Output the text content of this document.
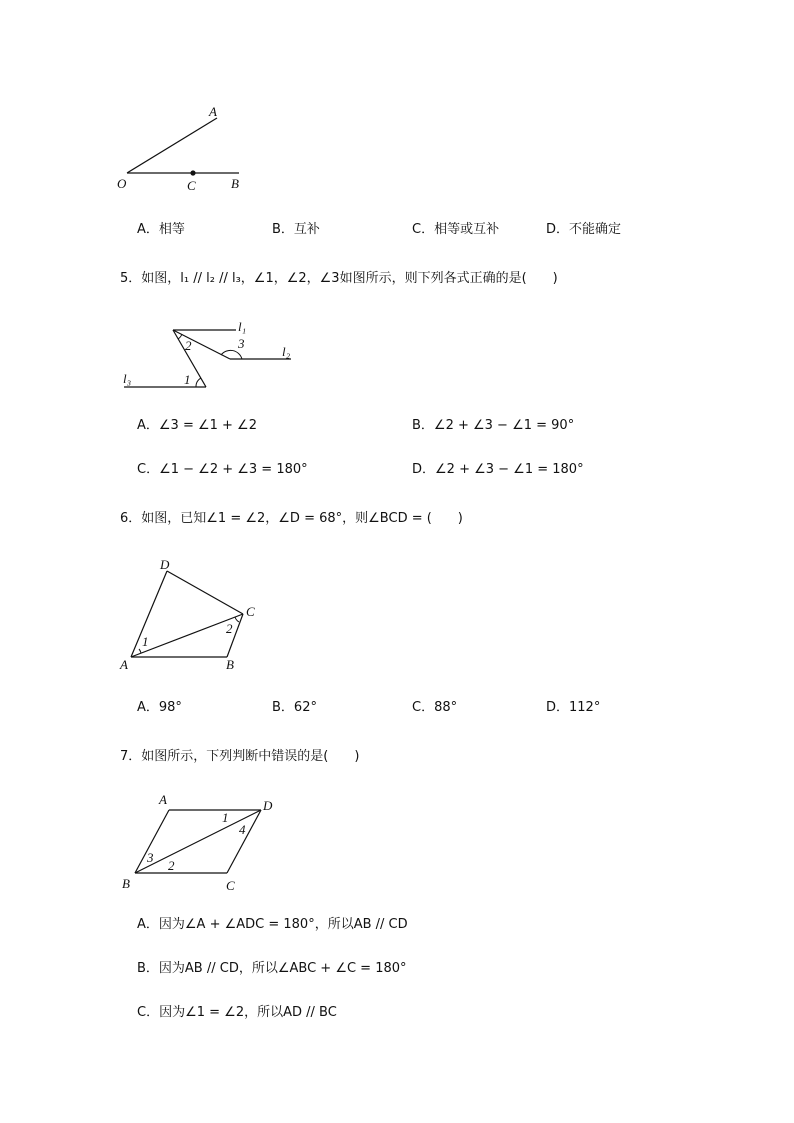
A
O	C	B
A．相等	B．互补	C．相等或互补	D．不能确定
5．如图，l₁ // l₂ // l₃，∠1，∠2，∠3如图所示，则下列各式正确的是(　　)
l₁
l₂
l₃	1
2	3
A．∠3 = ∠1 + ∠2	B．∠2 + ∠3 − ∠1 = 90°
C．∠1 − ∠2 + ∠3 = 180°	D．∠2 + ∠3 − ∠1 = 180°
6．如图，已知∠1 = ∠2，∠D = 68°，则∠BCD = (　　)
D
C
A	B
1
2
A．98°	B．62°	C．88°	D．112°
7．如图所示，下列判断中错误的是(　　)
A	D
B	C
1
4
3
2
A．因为∠A + ∠ADC = 180°，所以AB // CD
B．因为AB // CD，所以∠ABC + ∠C = 180°
C．因为∠1 = ∠2，所以AD // BC
